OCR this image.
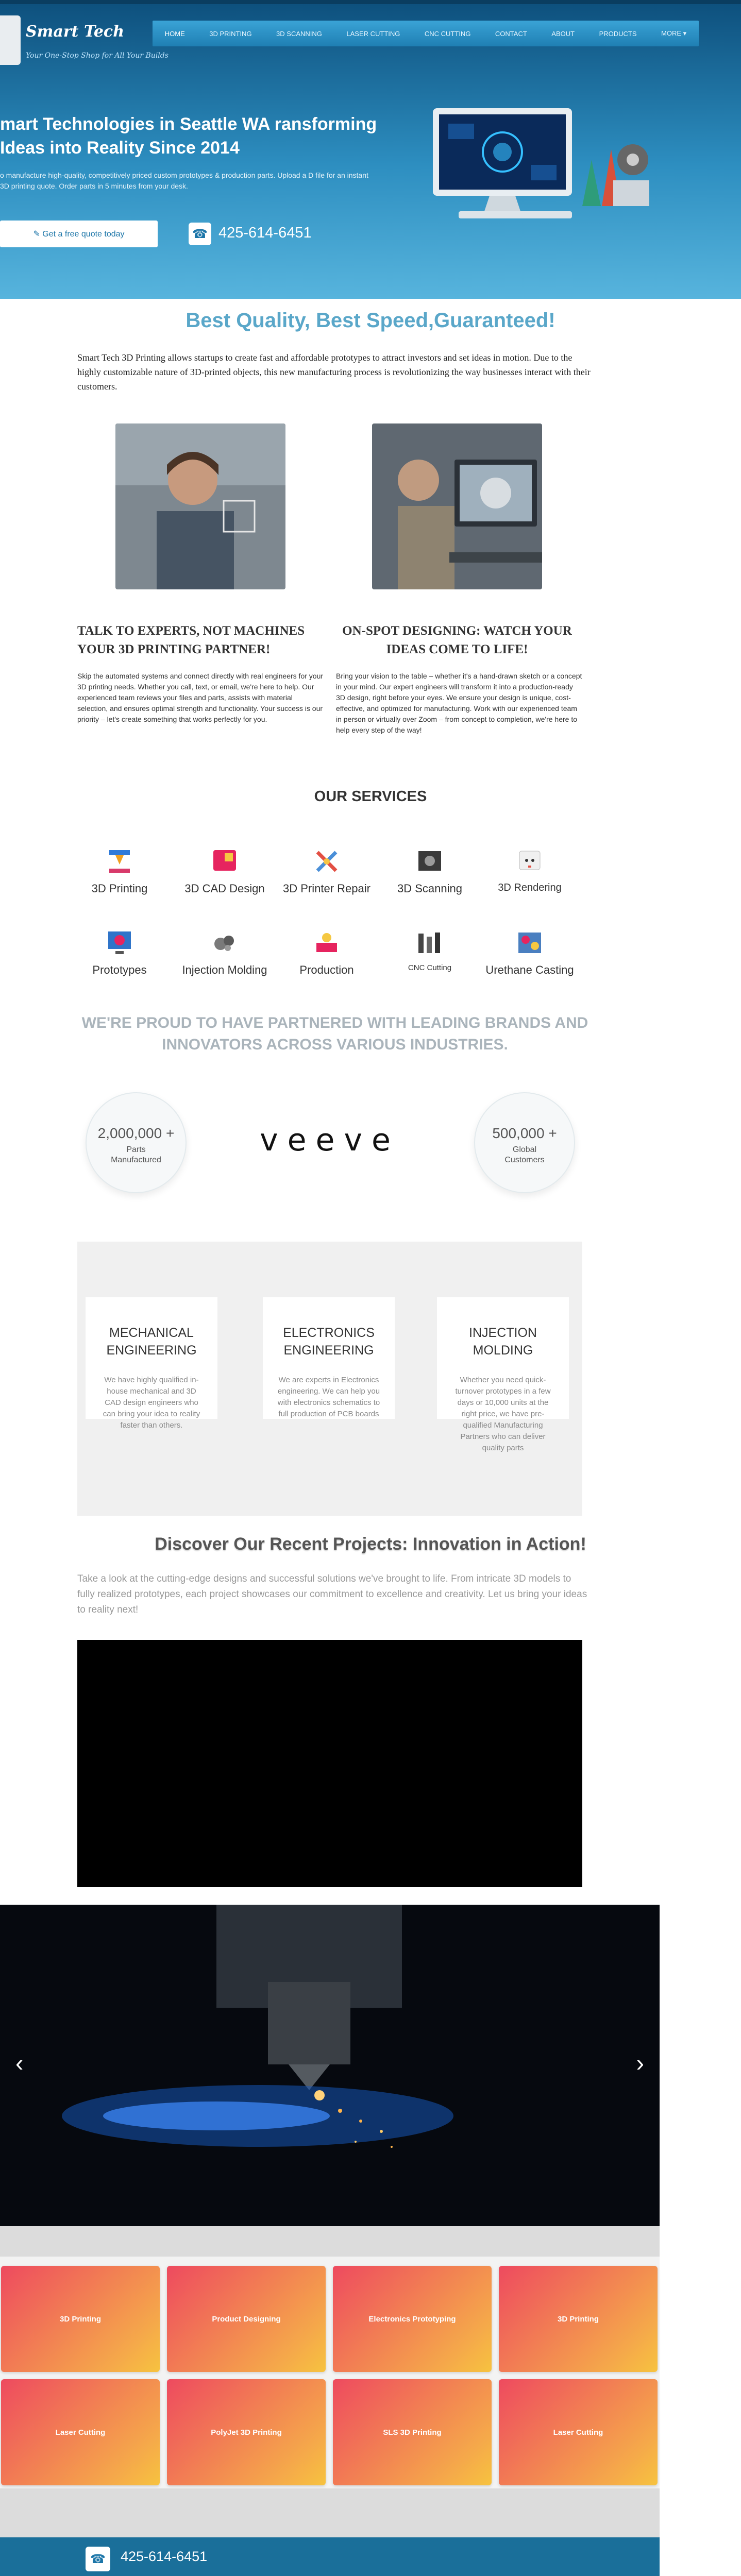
Smart Tech
Your One-Stop Shop for All Your Builds
HOME	3D PRINTING	3D SCANNING	LASER CUTTING	CNC CUTTING	CONTACT	ABOUT	PRODUCTS	MORE ▾
mart Technologies in Seattle WA ransforming Ideas into Reality Since 2014

o manufacture high-quality, competitively priced custom prototypes & production parts. Upload a D file for an instant 3D printing quote. Order parts in 5 minutes from your desk.

✎ Get a free quote today	☎ 425-614-6451
Best Quality, Best Speed,Guaranteed!

Smart Tech 3D Printing allows startups to create fast and affordable prototypes to attract investors and set ideas in motion. Due to the highly customizable nature of 3D-printed objects, this new manufacturing process is revolutionizing the way businesses interact with their customers.

TALK TO EXPERTS, NOT MACHINES YOUR 3D PRINTING PARTNER!

Skip the automated systems and connect directly with real engineers for your 3D printing needs. Whether you call, text, or email, we're here to help. Our experienced team reviews your files and parts, assists with material selection, and ensures optimal strength and functionality. Your success is our priority – let's create something that works perfectly for you.

ON-SPOT DESIGNING: WATCH YOUR IDEAS COME TO LIFE!

Bring your vision to the table – whether it's a hand-drawn sketch or a concept in your mind. Our expert engineers will transform it into a production-ready 3D design, right before your eyes. We ensure your design is unique, cost-effective, and optimized for manufacturing. Work with our experienced team in person or virtually over Zoom – from concept to completion, we're here to help every step of the way!

OUR SERVICES
3D Printing	3D CAD Design	3D Printer Repair	3D Scanning	3D Rendering
Prototypes	Injection Molding	Production	CNC Cutting	Urethane Casting
WE'RE PROUD TO HAVE PARTNERED WITH LEADING BRANDS AND INNOVATORS ACROSS VARIOUS INDUSTRIES.
2,000,000 +
Parts
Manufactured
veeve	500,000 +
Global
Customers
MECHANICAL ENGINEERING
We have highly qualified in-house mechanical and 3D CAD design engineers who can bring your idea to reality faster than others.
ELECTRONICS ENGINEERING
We are experts in Electronics engineering. We can help you with electronics schematics to full production of PCB boards
INJECTION MOLDING
Whether you need quick-turnover prototypes in a few days or 10,000 units at the right price, we have pre-qualified Manufacturing Partners who can deliver quality parts
Discover Our Recent Projects: Innovation in Action!

Take a look at the cutting-edge designs and successful solutions we've brought to life. From intricate 3D models to fully realized prototypes, each project showcases our commitment to excellence and creativity. Let us bring your ideas to reality next!

‹	›
3D Printing	Product Designing	Electronics Prototyping	3D Printing
Laser Cutting	PolyJet 3D Printing	SLS 3D Printing	Laser Cutting
☎	425-614-6451
